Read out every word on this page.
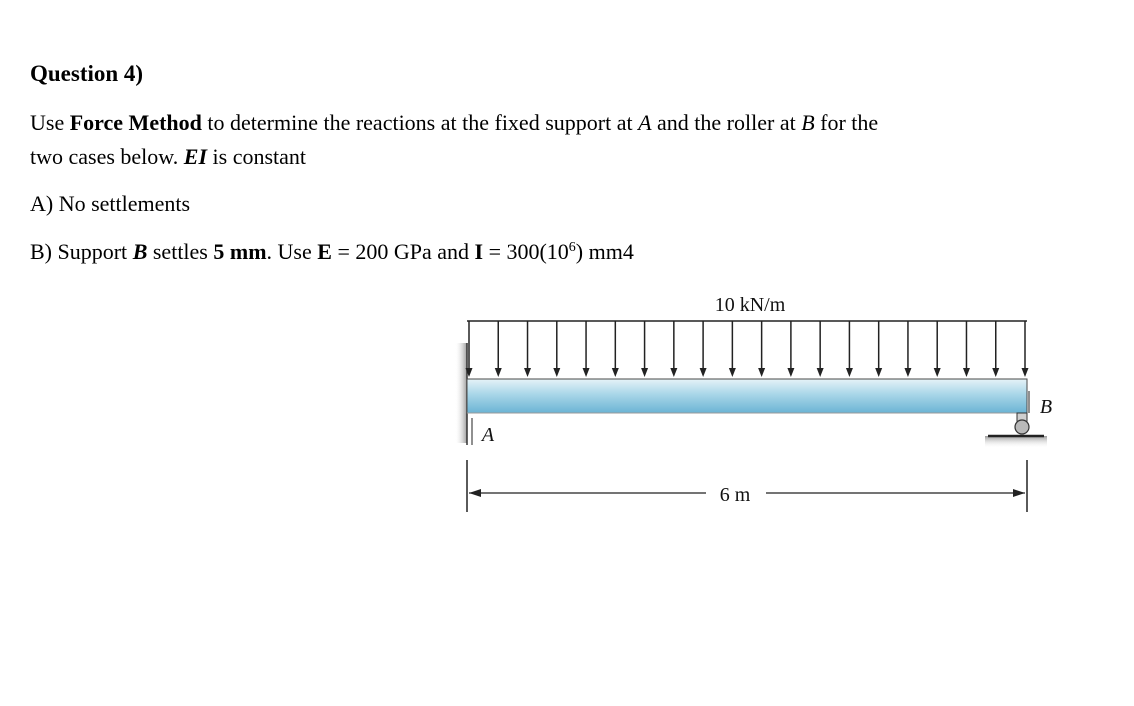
Question 4)
Use Force Method to determine the reactions at the fixed support at A and the roller at B for the
two cases below. EI is constant
A) No settlements
B) Support B settles 5 mm. Use E = 200 GPa and $I = 300(10^6)$ mm4
10 kN/m
A
B
6 m
